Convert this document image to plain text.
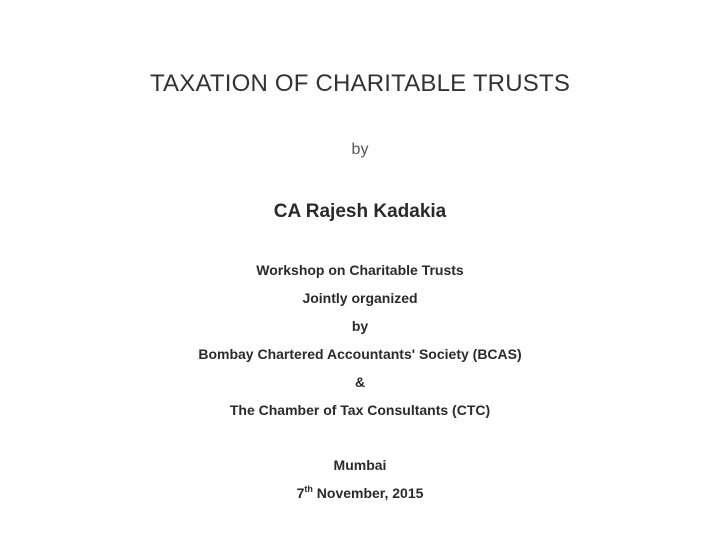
TAXATION OF CHARITABLE TRUSTS
by
CA Rajesh Kadakia
Workshop on Charitable Trusts
Jointly organized
by
Bombay Chartered Accountants' Society (BCAS)
&
The Chamber of Tax Consultants (CTC)
Mumbai
7th November, 2015
